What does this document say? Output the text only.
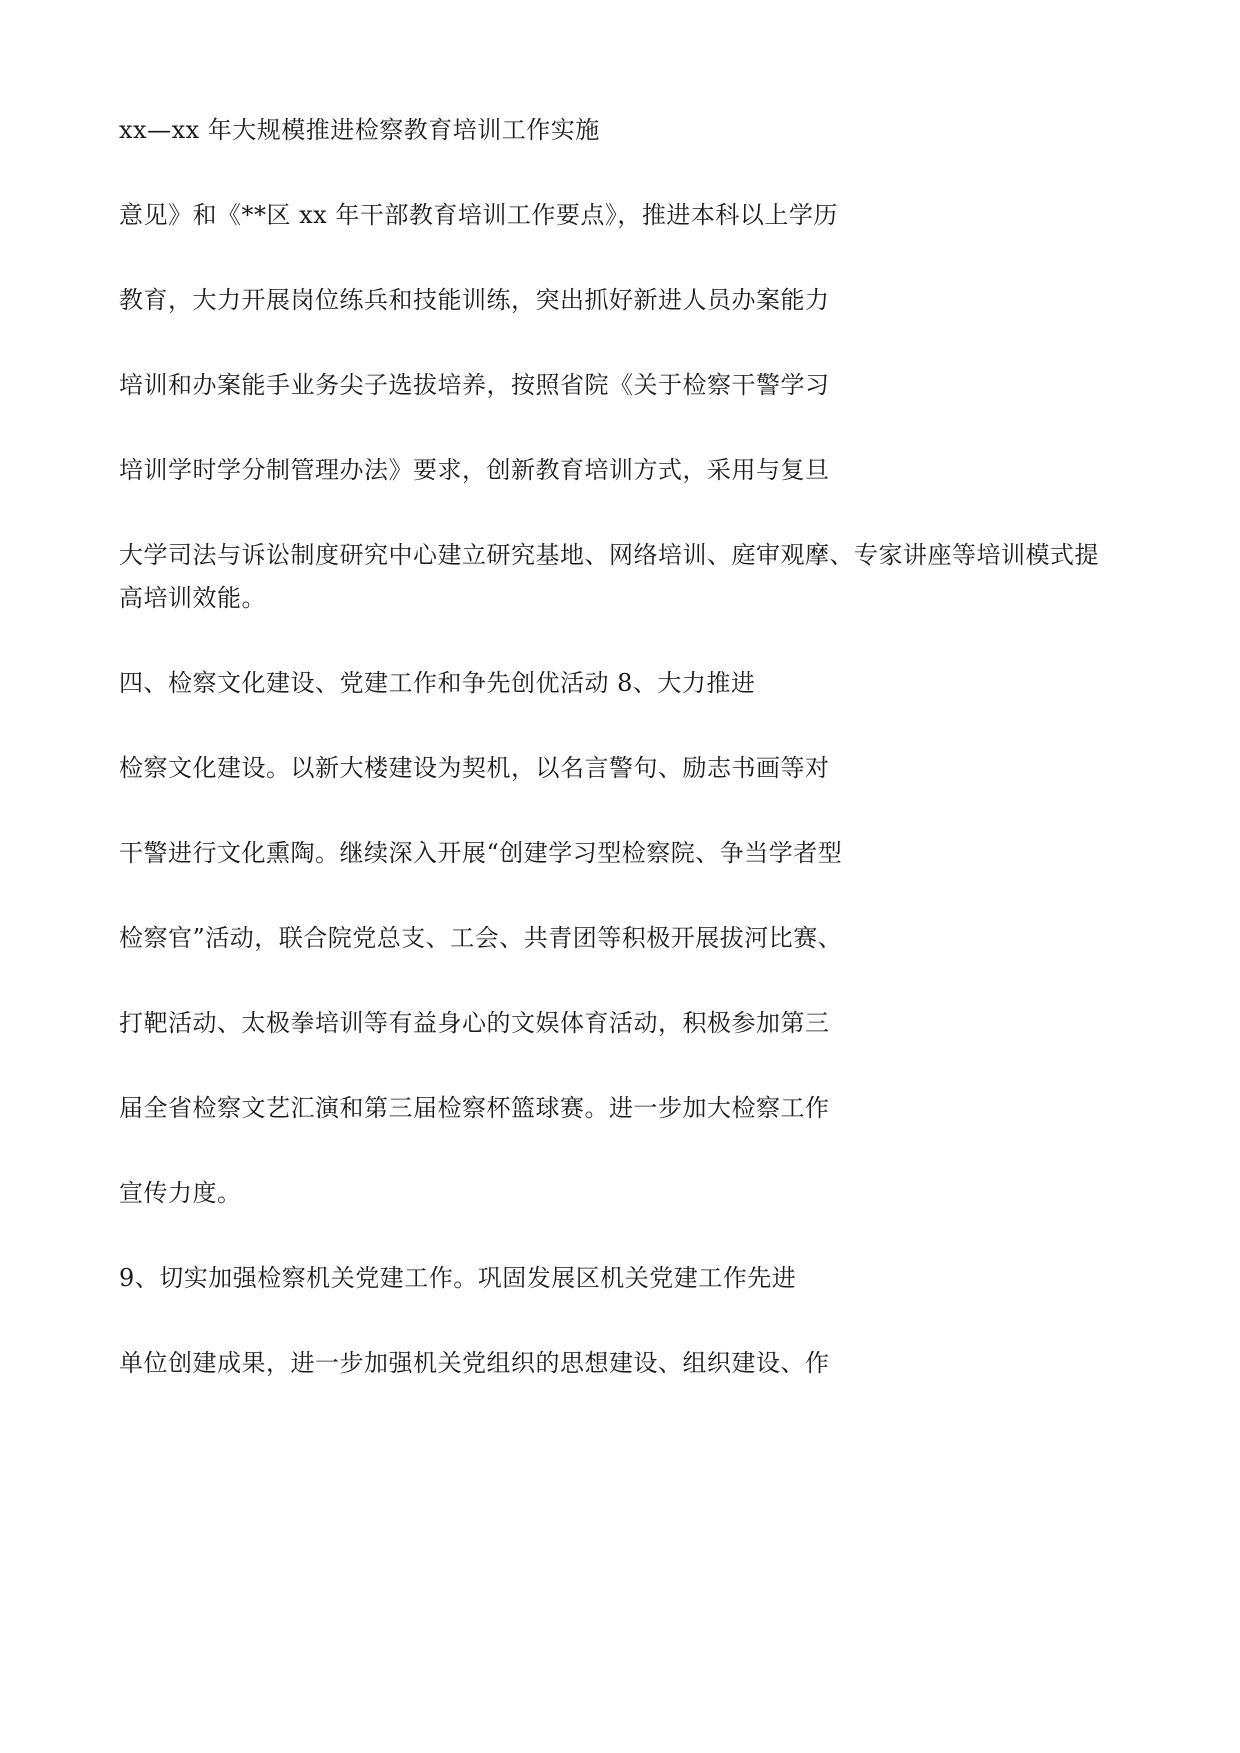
xx—xx 年大规模推进检察教育培训工作实施
意见》和《**区 xx 年干部教育培训工作要点》，推进本科以上学历
教育，大力开展岗位练兵和技能训练，突出抓好新进人员办案能力
培训和办案能手业务尖子选拔培养，按照省院《关于检察干警学习
培训学时学分制管理办法》要求，创新教育培训方式，采用与复旦
大学司法与诉讼制度研究中心建立研究基地、网络培训、庭审观摩、专家讲座等培训模式提
高培训效能。
四、检察文化建设、党建工作和争先创优活动 8、大力推进
检察文化建设。以新大楼建设为契机，以名言警句、励志书画等对
干警进行文化熏陶。继续深入开展“创建学习型检察院、争当学者型
检察官”活动，联合院党总支、工会、共青团等积极开展拔河比赛、
打靶活动、太极拳培训等有益身心的文娱体育活动，积极参加第三
届全省检察文艺汇演和第三届检察杯篮球赛。进一步加大检察工作
宣传力度。
9、切实加强检察机关党建工作。巩固发展区机关党建工作先进
单位创建成果，进一步加强机关党组织的思想建设、组织建设、作
